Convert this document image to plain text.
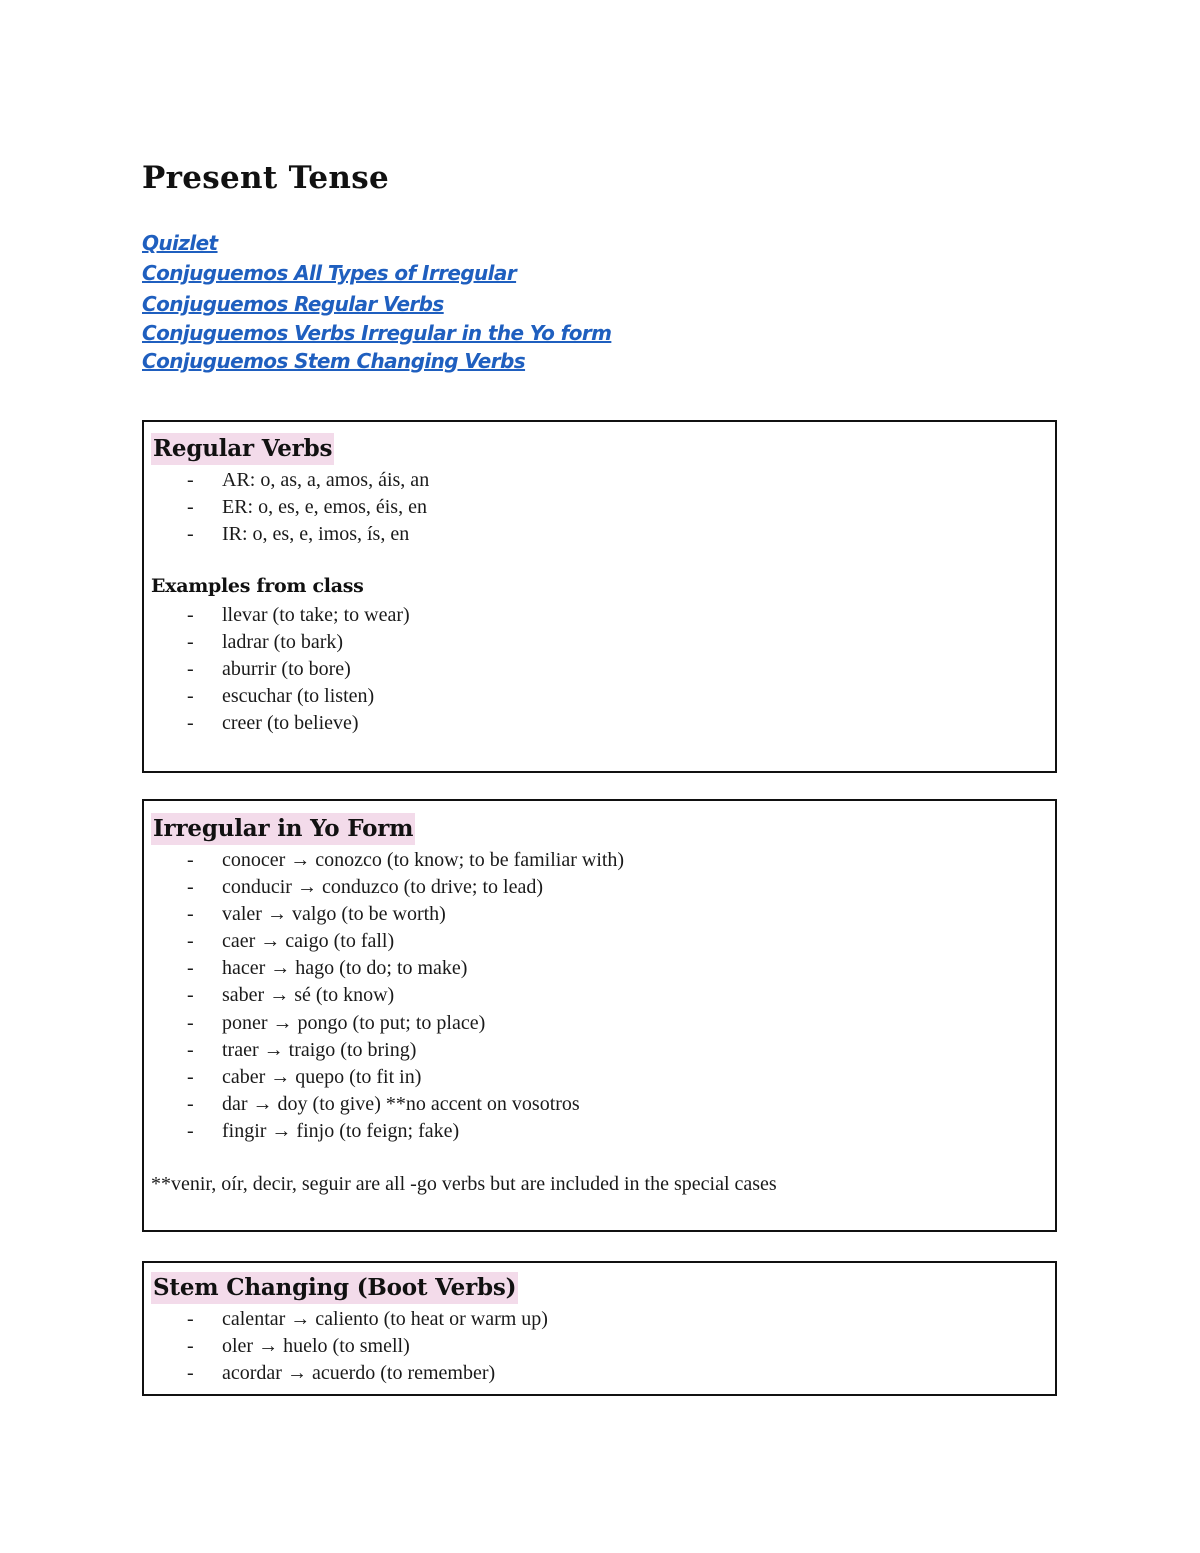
Present Tense
Quizlet
Conjuguemos All Types of Irregular
Conjuguemos Regular Verbs
Conjuguemos Verbs Irregular in the Yo form
Conjuguemos Stem Changing Verbs
Regular Verbs
- AR: o, as, a, amos, áis, an
- ER: o, es, e, emos, éis, en
- IR: o, es, e, imos, ís, en
Examples from class
- llevar (to take; to wear)
- ladrar (to bark)
- aburrir (to bore)
- escuchar (to listen)
- creer (to believe)
Irregular in Yo Form
- conocer → conozco (to know; to be familiar with)
- conducir → conduzco (to drive; to lead)
- valer → valgo (to be worth)
- caer → caigo (to fall)
- hacer → hago (to do; to make)
- saber → sé (to know)
- poner → pongo (to put; to place)
- traer → traigo (to bring)
- caber → quepo (to fit in)
- dar → doy (to give) **no accent on vosotros
- fingir → finjo (to feign; fake)

**venir, oír, decir, seguir are all -go verbs but are included in the special cases

Stem Changing (Boot Verbs)
- calentar → caliento (to heat or warm up)
- oler → huelo (to smell)
- acordar → acuerdo (to remember)
